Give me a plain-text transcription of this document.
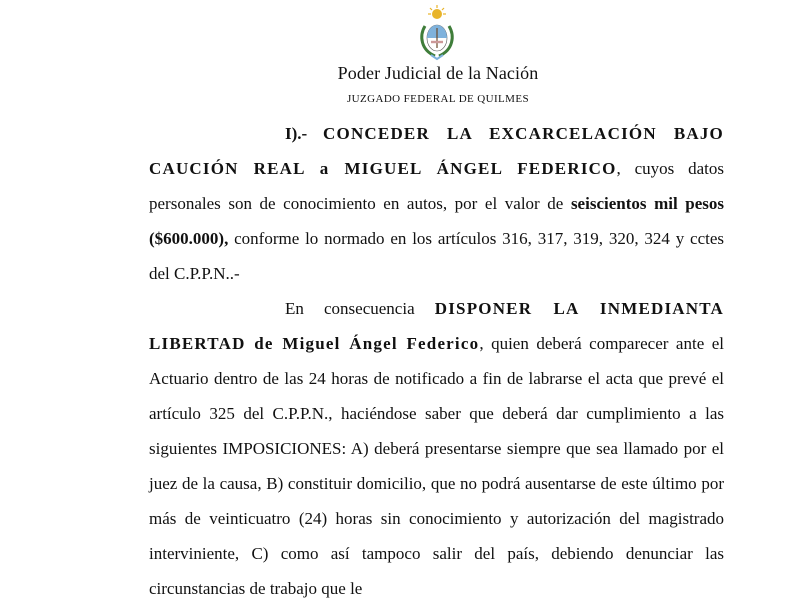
Poder Judicial de la Nación
JUZGADO FEDERAL DE QUILMES

I).- CONCEDER LA EXCARCELACIÓN BAJO CAUCIÓN REAL a MIGUEL ÁNGEL FEDERICO, cuyos datos personales son de conocimiento en autos, por el valor de seiscientos mil pesos ($600.000), conforme lo normado en los artículos 316, 317, 319, 320, 324 y cctes del C.P.P.N..-

En consecuencia DISPONER LA INMEDIANTA LIBERTAD de Miguel Ángel Federico, quien deberá comparecer ante el Actuario dentro de las 24 horas de notificado a fin de labrarse el acta que prevé el artículo 325 del C.P.P.N., haciéndose saber que deberá dar cumplimiento a las siguientes IMPOSICIONES: A) deberá presentarse siempre que sea llamado por el juez de la causa, B) constituir domicilio, que no podrá ausentarse de este último por más de veinticuatro (24) horas sin conocimiento y autorización del magistrado interviniente, C) como así tampoco salir del país, debiendo denunciar las circunstancias de trabajo que le
